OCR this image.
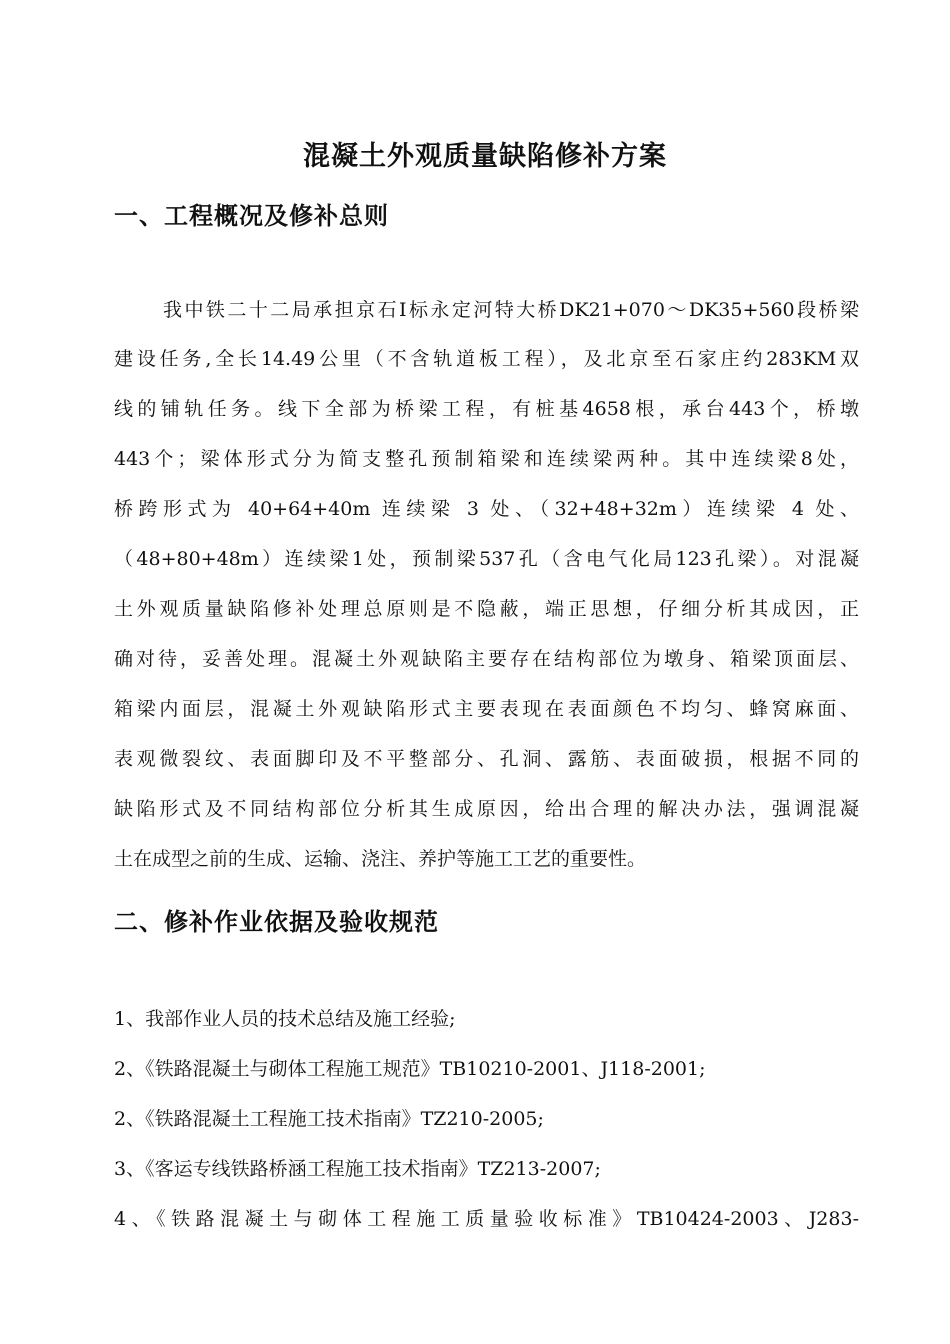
混凝土外观质量缺陷修补方案
一、工程概况及修补总则
我中铁二十二局承担京石Ⅰ标永定河特大桥DK21+070～DK35+560段桥梁
建设任务,全长14.49公里（不含轨道板工程），及北京至石家庄约283KM双
线的铺轨任务。线下全部为桥梁工程，有桩基4658根，承台443个，桥墩
443个；梁体形式分为简支整孔预制箱梁和连续梁两种。其中连续梁8处，
桥跨形式为 40+64+40m 连续梁 3 处、（32+48+32m）连续梁 4 处、
（48+80+48m）连续梁1处，预制梁537孔（含电气化局123孔梁）。对混凝
土外观质量缺陷修补处理总原则是不隐蔽，端正思想，仔细分析其成因，正
确对待，妥善处理。混凝土外观缺陷主要存在结构部位为墩身、箱梁顶面层、
箱梁内面层，混凝土外观缺陷形式主要表现在表面颜色不均匀、蜂窝麻面、
表观微裂纹、表面脚印及不平整部分、孔洞、露筋、表面破损，根据不同的
缺陷形式及不同结构部位分析其生成原因，给出合理的解决办法，强调混凝
土在成型之前的生成、运输、浇注、养护等施工工艺的重要性。
二、修补作业依据及验收规范
1、我部作业人员的技术总结及施工经验;
2、《铁路混凝土与砌体工程施工规范》TB10210-2001、J118-2001;
2、《铁路混凝土工程施工技术指南》TZ210-2005;
3、《客运专线铁路桥涵工程施工技术指南》TZ213-2007;
4、《铁路混凝土与砌体工程施工质量验收标准》TB10424-2003、J283-
